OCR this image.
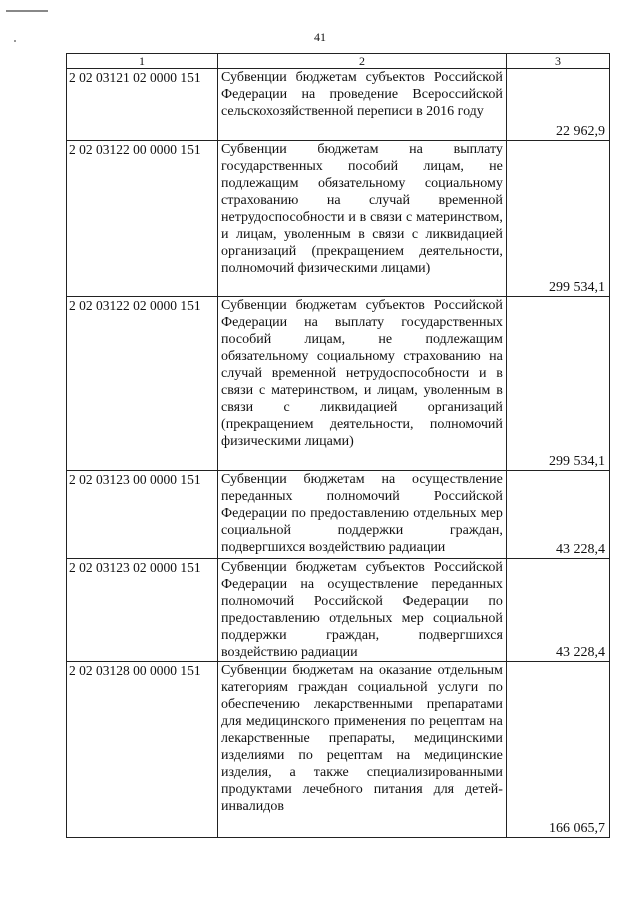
41
1	2	3
2 02 03121 02 0000 151	Субвенции бюджетам субъектов Российской Федерации на проведение Всероссийской сельскохозяйственной переписи в 2016 году	22 962,9
2 02 03122 00 0000 151	Субвенции бюджетам на выплату государственных пособий лицам, не подлежащим обязательному социальному страхованию на случай временной нетрудоспособности и в связи с материнством, и лицам, уволенным в связи с ликвидацией организаций (прекращением деятельности, полномочий физическими лицами)	299 534,1
2 02 03122 02 0000 151	Субвенции бюджетам субъектов Российской Федерации на выплату государственных пособий лицам, не подлежащим обязательному социальному страхованию на случай временной нетрудоспособности и в связи с материнством, и лицам, уволенным в связи с ликвидацией организаций (прекращением деятельности, полномочий физическими лицами)	299 534,1
2 02 03123 00 0000 151	Субвенции бюджетам на осуществление переданных полномочий Российской Федерации по предоставлению отдельных мер социальной поддержки граждан, подвергшихся воздействию радиации	43 228,4
2 02 03123 02 0000 151	Субвенции бюджетам субъектов Российской Федерации на осуществление переданных полномочий Российской Федерации по предоставлению отдельных мер социальной поддержки граждан, подвергшихся воздействию радиации	43 228,4
2 02 03128 00 0000 151	Субвенции бюджетам на оказание отдельным категориям граждан социальной услуги по обеспечению лекарственными препаратами для медицинского применения по рецептам на лекарственные препараты, медицинскими изделиями по рецептам на медицинские изделия, а также специализированными продуктами лечебного питания для детей-инвалидов	166 065,7
